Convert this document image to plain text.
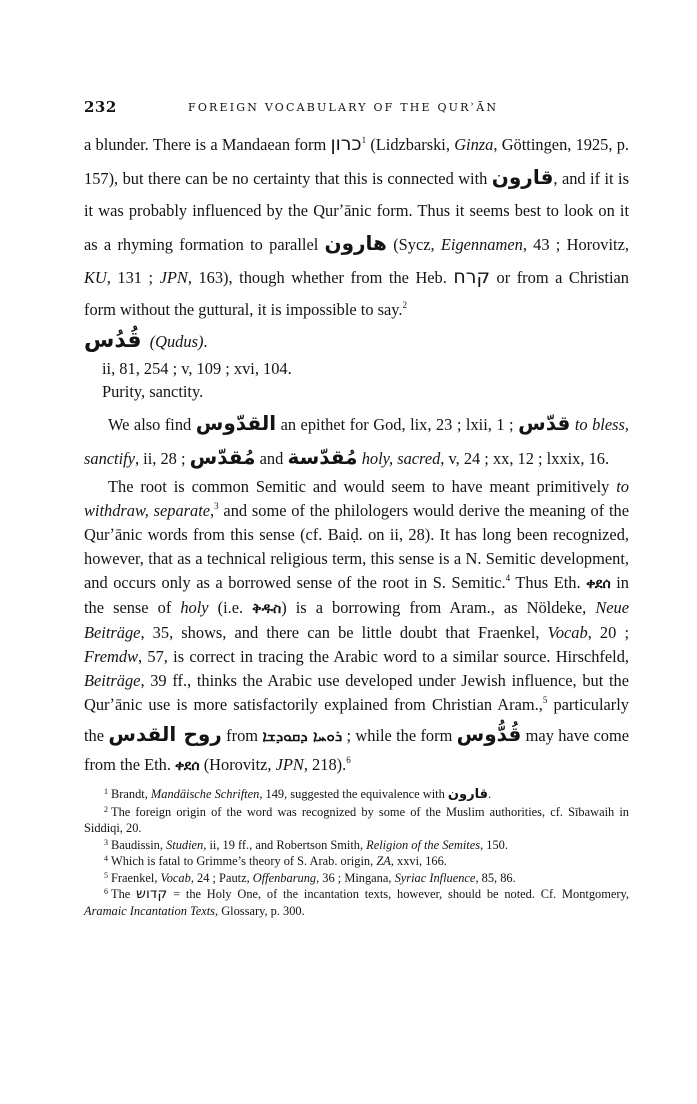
232	FOREIGN VOCABULARY OF THE QURʾĀN

a blunder. There is a Mandaean form כרון$^1$ (Lidzbarski, Ginza, Göttingen, 1925, p. 157), but there can be no certainty that this is connected with قارون, and if it is it was probably influenced by the Qurʼānic form. Thus it seems best to look on it as a rhyming formation to parallel هارون (Sycz, Eigennamen, 43 ; Horovitz, KU, 131 ; JPN, 163), though whether from the Heb. קרח or from a Christian form without the guttural, it is impossible to say.$^2$

قُدُس (Qudus).

ii, 81, 254 ; v, 109 ; xvi, 104.
Purity, sanctity.

We also find القدّوس an epithet for God, lix, 23 ; lxii, 1 ; قدّس to bless, sanctify, ii, 28 ; مُقدّس and مُقدّسة holy, sacred, v, 24 ; xx, 12 ; lxxix, 16.

The root is common Semitic and would seem to have meant primitively to withdraw, separate,$^3$ and some of the philologers would derive the meaning of the Qurʼānic words from this sense (cf. Baiḍ. on ii, 28). It has long been recognized, however, that as a technical religious term, this sense is a N. Semitic development, and occurs only as a borrowed sense of the root in S. Semitic.$^4$ Thus Eth. ቀደሰ in the sense of holy (i.e. ቅዱስ) is a borrowing from Aram., as Nöldeke, Neue Beiträge, 35, shows, and there can be little doubt that Fraenkel, Vocab, 20 ; Fremdw, 57, is correct in tracing the Arabic word to a similar source. Hirschfeld, Beiträge, 39 ff., thinks the Arabic use developed under Jewish influence, but the Qurʼānic use is more satisfactorily explained from Christian Aram.,$^5$ particularly the روح القدس from ܪܘܚܐ ܕܩܘܕܫܐ ; while the form قُدُّوس may have come from the Eth. ቀደሰ (Horovitz, JPN, 218).$^6$

$^1$ Brandt, Mandäische Schriften, 149, suggested the equivalence with قارون.

$^2$ The foreign origin of the word was recognized by some of the Muslim authorities, cf. Sībawaih in Siddiqi, 20.

$^3$ Baudissin, Studien, ii, 19 ff., and Robertson Smith, Religion of the Semites, 150.

$^4$ Which is fatal to Grimme’s theory of S. Arab. origin, ZA, xxvi, 166.

$^5$ Fraenkel, Vocab, 24 ; Pautz, Offenbarung, 36 ; Mingana, Syriac Influence, 85, 86.

$^6$ The קדוש = the Holy One, of the incantation texts, however, should be noted. Cf. Montgomery, Aramaic Incantation Texts, Glossary, p. 300.
